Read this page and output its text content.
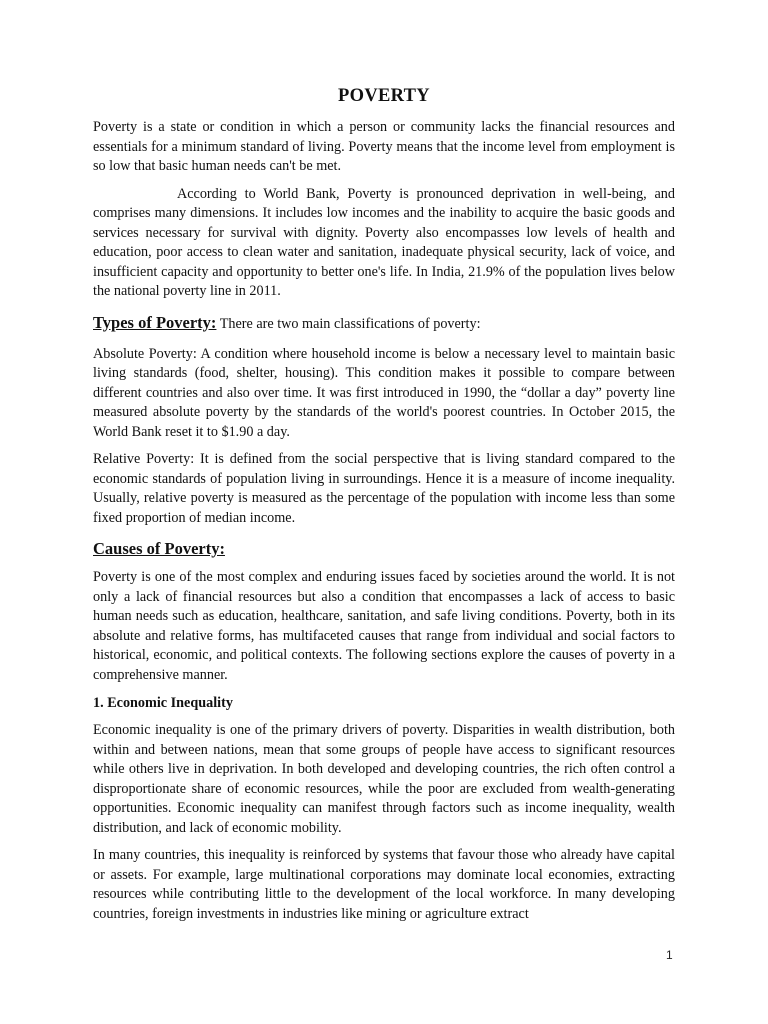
POVERTY

Poverty is a state or condition in which a person or community lacks the financial resources and essentials for a minimum standard of living. Poverty means that the income level from employment is so low that basic human needs can't be met.

According to World Bank, Poverty is pronounced deprivation in well-being, and comprises many dimensions. It includes low incomes and the inability to acquire the basic goods and services necessary for survival with dignity. Poverty also encompasses low levels of health and education, poor access to clean water and sanitation, inadequate physical security, lack of voice, and insufficient capacity and opportunity to better one's life. In India, 21.9% of the population lives below the national poverty line in 2011.

Types of Poverty: There are two main classifications of poverty:

Absolute Poverty: A condition where household income is below a necessary level to maintain basic living standards (food, shelter, housing). This condition makes it possible to compare between different countries and also over time. It was first introduced in 1990, the “dollar a day” poverty line measured absolute poverty by the standards of the world's poorest countries. In October 2015, the World Bank reset it to $1.90 a day.

Relative Poverty: It is defined from the social perspective that is living standard compared to the economic standards of population living in surroundings. Hence it is a measure of income inequality. Usually, relative poverty is measured as the percentage of the population with income less than some fixed proportion of median income.

Causes of Poverty:

Poverty is one of the most complex and enduring issues faced by societies around the world. It is not only a lack of financial resources but also a condition that encompasses a lack of access to basic human needs such as education, healthcare, sanitation, and safe living conditions. Poverty, both in its absolute and relative forms, has multifaceted causes that range from individual and social factors to historical, economic, and political contexts. The following sections explore the causes of poverty in a comprehensive manner.

1. Economic Inequality

Economic inequality is one of the primary drivers of poverty. Disparities in wealth distribution, both within and between nations, mean that some groups of people have access to significant resources while others live in deprivation. In both developed and developing countries, the rich often control a disproportionate share of economic resources, while the poor are excluded from wealth-generating opportunities. Economic inequality can manifest through factors such as income inequality, wealth distribution, and lack of economic mobility.

In many countries, this inequality is reinforced by systems that favour those who already have capital or assets. For example, large multinational corporations may dominate local economies, extracting resources while contributing little to the development of the local workforce. In many developing countries, foreign investments in industries like mining or agriculture extract

1
